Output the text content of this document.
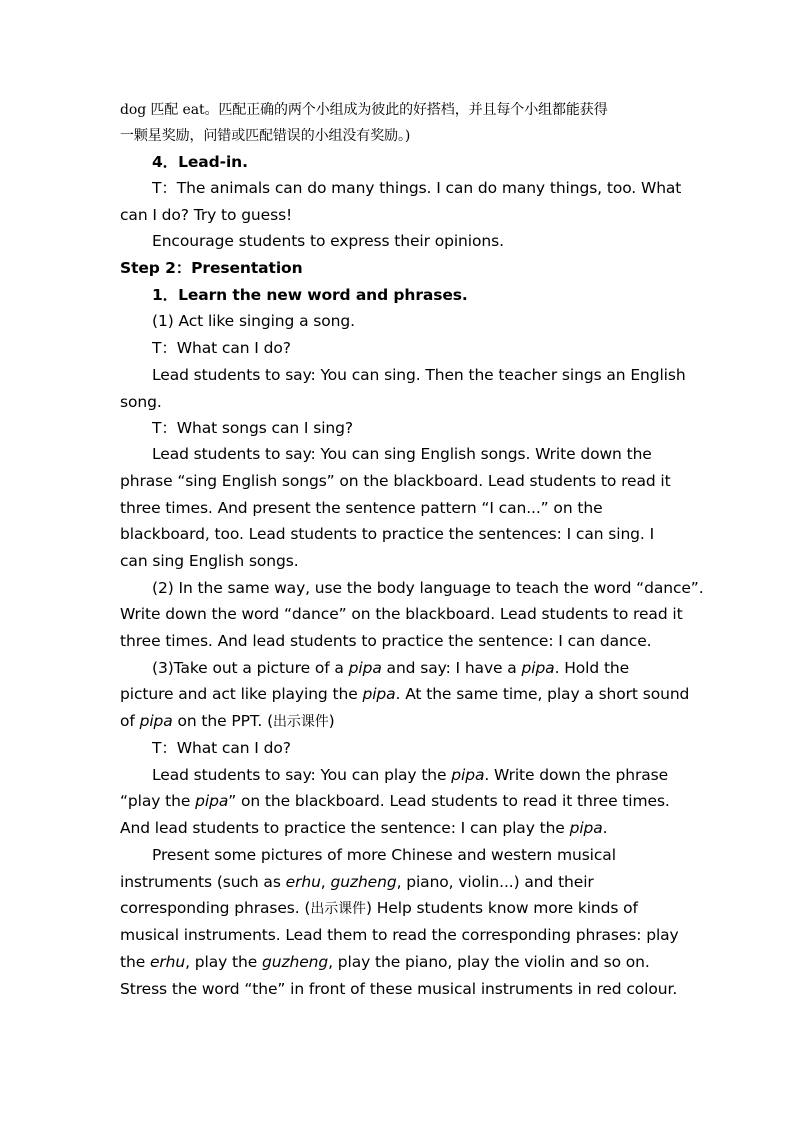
dog 匹配 eat。匹配正确的两个小组成为彼此的好搭档，并且每个小组都能获得
一颗星奖励，问错或匹配错误的小组没有奖励。)
4．Lead-in.
T：The animals can do many things. I can do many things, too. What
can I do? Try to guess!
Encourage students to express their opinions.
Step 2：Presentation
1．Learn the new word and phrases.
(1) Act like singing a song.
T：What can I do?
Lead students to say: You can sing. Then the teacher sings an English
song.
T：What songs can I sing?
Lead students to say: You can sing English songs. Write down the
phrase “sing English songs” on the blackboard. Lead students to read it
three times. And present the sentence pattern “I can...” on the
blackboard, too. Lead students to practice the sentences: I can sing. I
can sing English songs.
(2) In the same way, use the body language to teach the word “dance”.
Write down the word “dance” on the blackboard. Lead students to read it
three times. And lead students to practice the sentence: I can dance.
(3)Take out a picture of a pipa and say: I have a pipa. Hold the
picture and act like playing the pipa. At the same time, play a short sound
of pipa on the PPT. (出示课件)
T：What can I do?
Lead students to say: You can play the pipa. Write down the phrase
“play the pipa” on the blackboard. Lead students to read it three times.
And lead students to practice the sentence: I can play the pipa.
Present some pictures of more Chinese and western musical
instruments (such as erhu, guzheng, piano, violin...) and their
corresponding phrases. (出示课件) Help students know more kinds of
musical instruments. Lead them to read the corresponding phrases: play
the erhu, play the guzheng, play the piano, play the violin and so on.
Stress the word “the” in front of these musical instruments in red colour.
